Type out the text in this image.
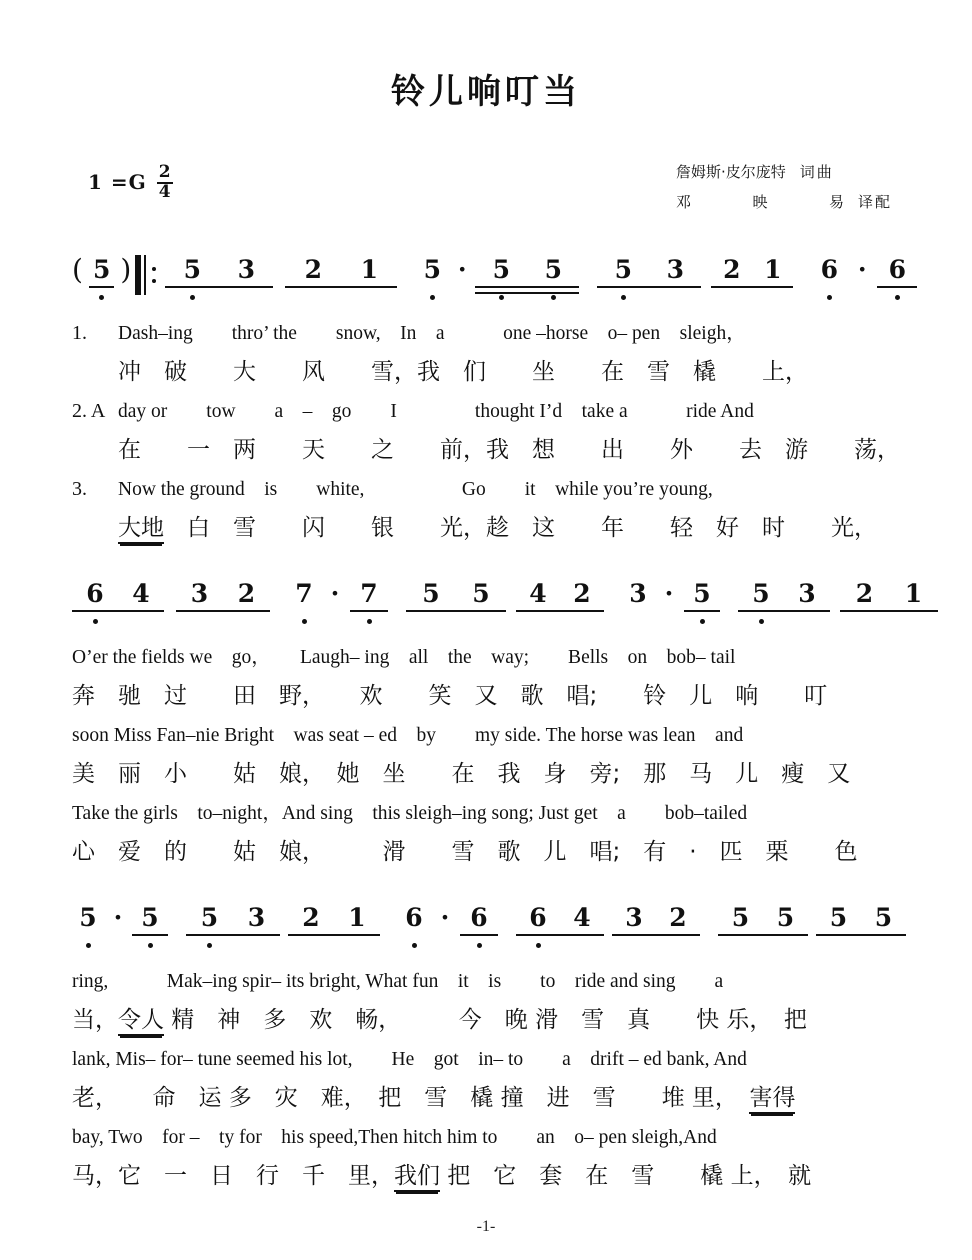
铃儿响叮当
$1 =G \frac{2}{4}$	詹姆斯·皮尔庞特 词曲
邓　映　易 译配
( 5 )	5	3	2	1	5 ·	5	5	5	3	2 1	6 · 6
1.	Dash–ing　　thro’ the　　snow,　In　a　　　one –horse　o– pen　sleigh，
冲　破　　大　　风　　雪，我　们　　坐　　在　雪　橇　　上，
2. A day or　　tow　　a　–　go　　I　　　　thought I’d　take a　　　ride And
在　　一　两　　天　　之　　前，我　想　　出　　外　　去　游　　荡，
3.	Now the ground　is　　white,　　　　　Go　　it　while you’re young,
大地　白　雪　　闪　　银　　光，趁　这　　年　　轻　好　时　　光，
6	4	3	2	7 · 7	5	5	4	2	3 · 5	5	3	2	1
O’er the fields we　go，　　Laugh– ing　all　the　way;　　Bells　on　bob– tail
奔　驰　过　　田　野，　　欢　　笑　又　歌　唱;　　铃　儿　响　　叮
soon Miss Fan–nie Bright　was seat – ed　by　　my side. The horse was lean　and
美　丽　小　　姑　娘，　她　坐　　在　我　身　旁;　那　马　儿　瘦　又
Take the girls　to–night，And sing　this sleigh–ing song; Just get　a　　bob–tailed
心　爱　的　　姑　娘，　　　滑　　雪　歌　儿　唱;　有　·　匹　栗　　色
5 · 5	5	3	2	1	6 · 6	6	4	3	2	5	5	5	5
ring,　　　Mak–ing spir– its bright, What fun　it　is　　to　ride and sing　　a
当，令人 精　神　多　欢　畅，　　　今　晚 滑　雪　真　　快 乐，　把
lank, Mis– for– tune seemed his lot,　　He　got　in– to　　a　drift – ed bank, And
老，　　命　运 多　灾　难，　把　雪　橇 撞　进　雪　　堆 里，　害得
bay, Two　for –　ty for　his speed,Then hitch him to　　an　o– pen sleigh,And
马，它　一　日　行　千　里，我们 把　它　套　在　雪　　橇 上，　就
-1-
